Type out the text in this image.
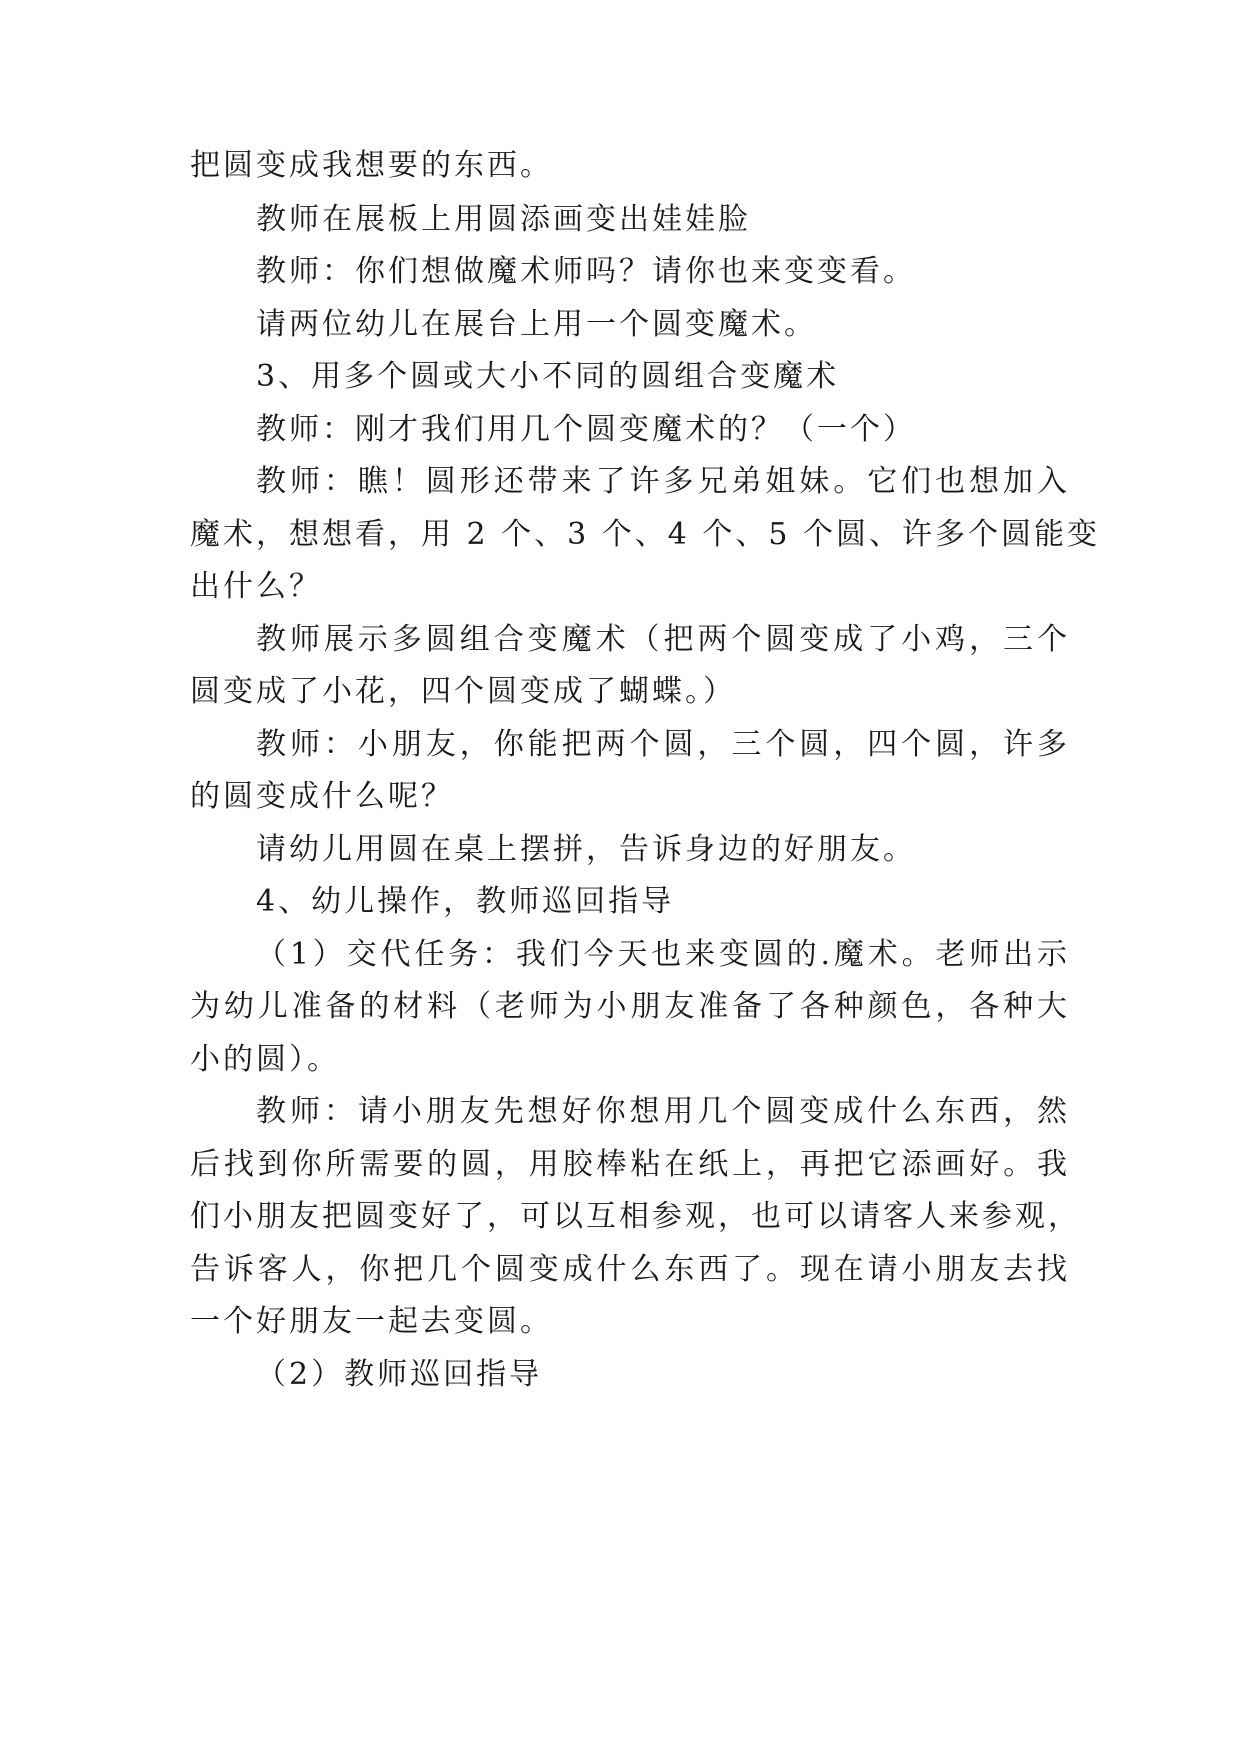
把圆变成我想要的东西。
教师在展板上用圆添画变出娃娃脸
教师：你们想做魔术师吗？请你也来变变看。
请两位幼儿在展台上用一个圆变魔术。
3、用多个圆或大小不同的圆组合变魔术
教师：刚才我们用几个圆变魔术的？（一个）
教师：瞧！圆形还带来了许多兄弟姐妹。它们也想加入
魔术，想想看，用 2 个、3 个、4 个、5 个圆、许多个圆能变
出什么？
教师展示多圆组合变魔术（把两个圆变成了小鸡，三个
圆变成了小花，四个圆变成了蝴蝶。）
教师：小朋友，你能把两个圆，三个圆，四个圆，许多
的圆变成什么呢？
请幼儿用圆在桌上摆拼，告诉身边的好朋友。
4、幼儿操作，教师巡回指导
（1）交代任务：我们今天也来变圆的.魔术。老师出示
为幼儿准备的材料（老师为小朋友准备了各种颜色，各种大
小的圆）。
教师：请小朋友先想好你想用几个圆变成什么东西，然
后找到你所需要的圆，用胶棒粘在纸上，再把它添画好。我
们小朋友把圆变好了，可以互相参观，也可以请客人来参观，
告诉客人，你把几个圆变成什么东西了。现在请小朋友去找
一个好朋友一起去变圆。
（2）教师巡回指导
